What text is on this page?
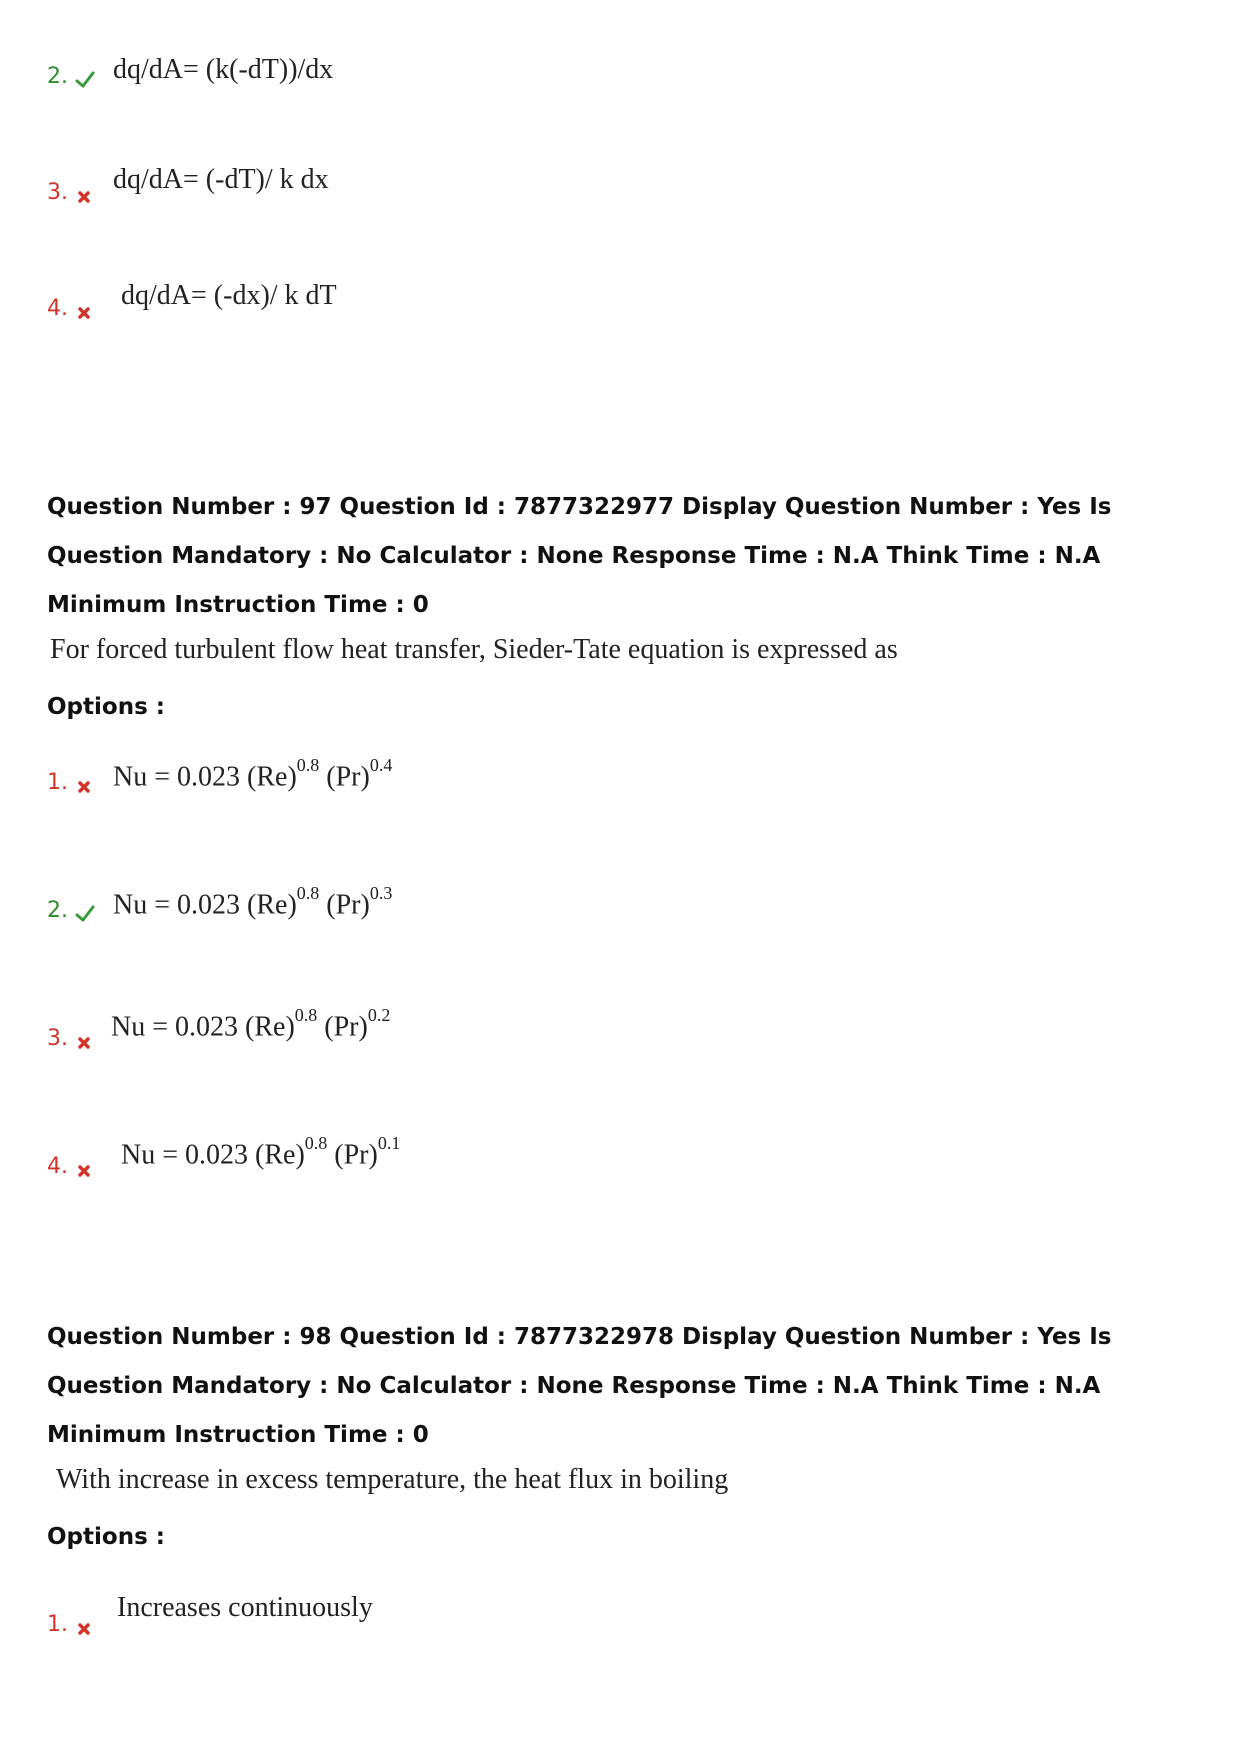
2. dq/dA= (k(-dT))/dx
3. dq/dA= (-dT)/ k dx
4. dq/dA= (-dx)/ k dT
Question Number : 97 Question Id : 7877322977 Display Question Number : Yes Is Question Mandatory : No Calculator : None Response Time : N.A Think Time : N.A Minimum Instruction Time : 0
For forced turbulent flow heat transfer, Sieder-Tate equation is expressed as
Options :
1. Nu = 0.023 $(Re)^{0.8}$ $(Pr)^{0.4}$
2. Nu = 0.023 $(Re)^{0.8}$ $(Pr)^{0.3}$
3. Nu = 0.023 $(Re)^{0.8}$ $(Pr)^{0.2}$
4. Nu = 0.023 $(Re)^{0.8}$ $(Pr)^{0.1}$
Question Number : 98 Question Id : 7877322978 Display Question Number : Yes Is Question Mandatory : No Calculator : None Response Time : N.A Think Time : N.A Minimum Instruction Time : 0
With increase in excess temperature, the heat flux in boiling
Options :
1.
Increases continuously
